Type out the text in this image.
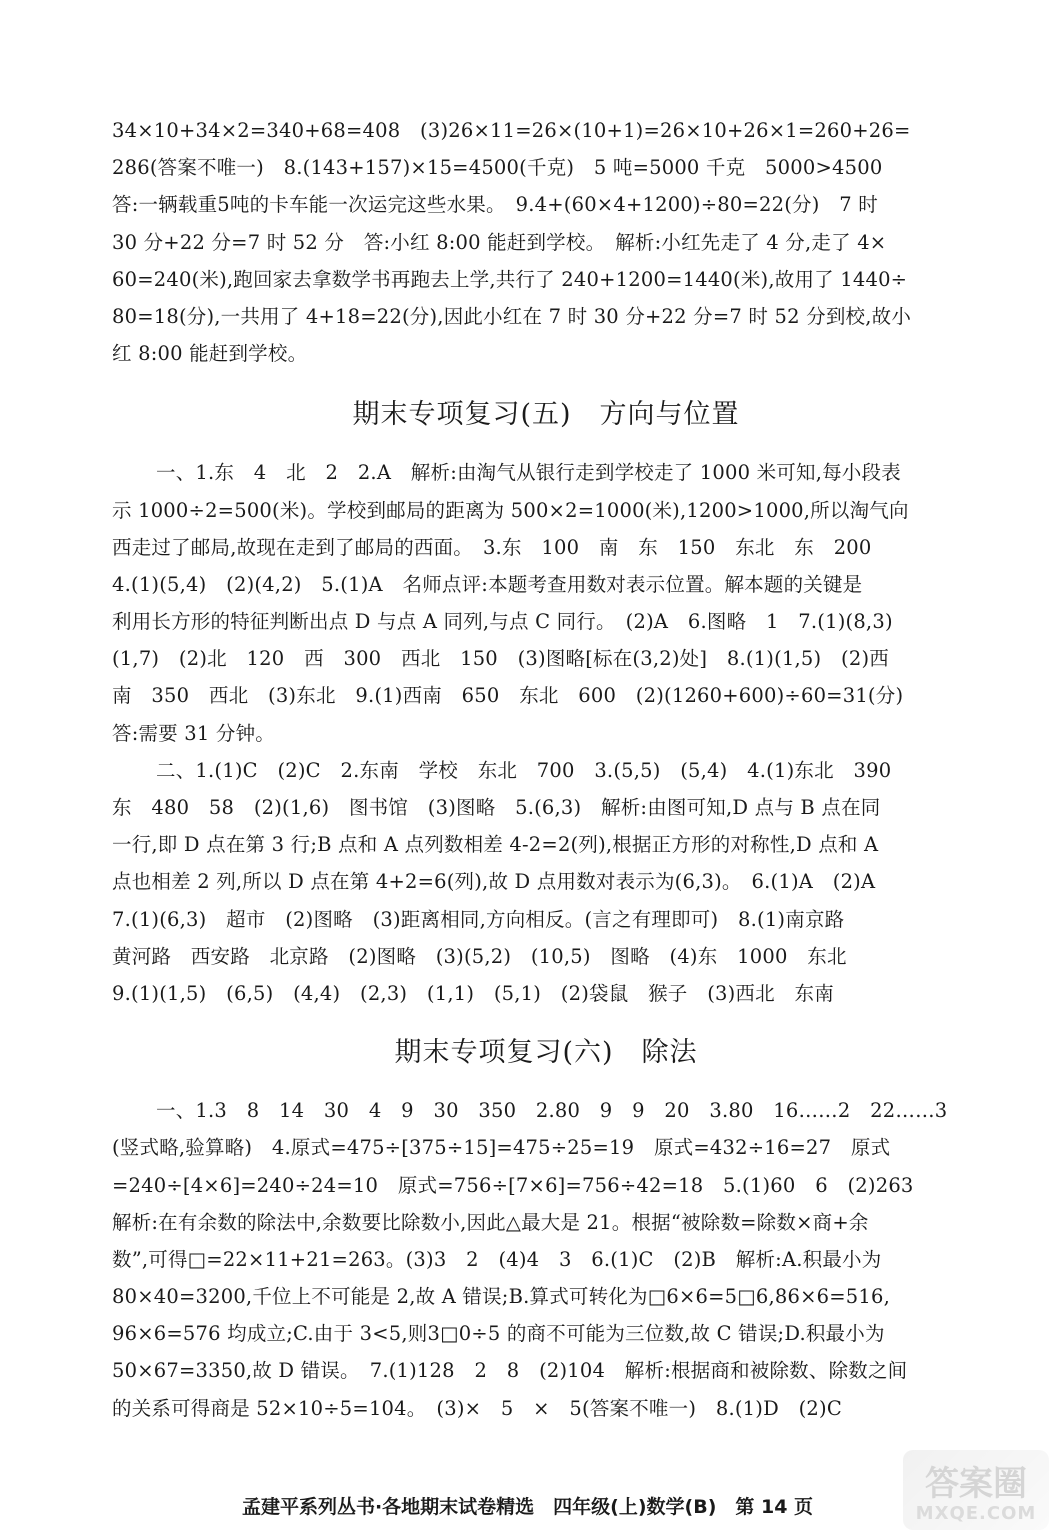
34×10+34×2=340+68=408　(3)26×11=26×(10+1)=26×10+26×1=260+26=
286(答案不唯一)　8.(143+157)×15=4500(千克)　5 吨=5000 千克　5000>4500
答:一辆载重5吨的卡车能一次运完这些水果。　9.4+(60×4+1200)÷80=22(分)　7 时
30 分+22 分=7 时 52 分　答:小红 8:00 能赶到学校。　解析:小红先走了 4 分,走了 4×
60=240(米),跑回家去拿数学书再跑去上学,共行了 240+1200=1440(米),故用了 1440÷
80=18(分),一共用了 4+18=22(分),因此小红在 7 时 30 分+22 分=7 时 52 分到校,故小
红 8:00 能赶到学校。
期末专项复习(五)　方向与位置
一、1.东　4　北　2　2.A　解析:由淘气从银行走到学校走了 1000 米可知,每小段表
示 1000÷2=500(米)。学校到邮局的距离为 500×2=1000(米),1200>1000,所以淘气向
西走过了邮局,故现在走到了邮局的西面。　3.东　100　南　东　150　东北　东　200
4.(1)(5,4)　(2)(4,2)　5.(1)A　名师点评:本题考查用数对表示位置。解本题的关键是
利用长方形的特征判断出点 D 与点 A 同列,与点 C 同行。　(2)A　6.图略　1　7.(1)(8,3)
(1,7)　(2)北　120　西　300　西北　150　(3)图略[标在(3,2)处]　8.(1)(1,5)　(2)西
南　350　西北　(3)东北　9.(1)西南　650　东北　600　(2)(1260+600)÷60=31(分)
答:需要 31 分钟。
二、1.(1)C　(2)C　2.东南　学校　东北　700　3.(5,5)　(5,4)　4.(1)东北　390
东　480　58　(2)(1,6)　图书馆　(3)图略　5.(6,3)　解析:由图可知,D 点与 B 点在同
一行,即 D 点在第 3 行;B 点和 A 点列数相差 4-2=2(列),根据正方形的对称性,D 点和 A
点也相差 2 列,所以 D 点在第 4+2=6(列),故 D 点用数对表示为(6,3)。　6.(1)A　(2)A
7.(1)(6,3)　超市　(2)图略　(3)距离相同,方向相反。(言之有理即可)　8.(1)南京路
黄河路　西安路　北京路　(2)图略　(3)(5,2)　(10,5)　图略　(4)东　1000　东北
9.(1)(1,5)　(6,5)　(4,4)　(2,3)　(1,1)　(5,1)　(2)袋鼠　猴子　(3)西北　东南
期末专项复习(六)　除法
一、1.3　8　14　30　4　9　30　350　2.80　9　9　20　3.80　16……2　22……3
(竖式略,验算略)　4.原式=475÷[375÷15]=475÷25=19　原式=432÷16=27　原式
=240÷[4×6]=240÷24=10　原式=756÷[7×6]=756÷42=18　5.(1)60　6　(2)263
解析:在有余数的除法中,余数要比除数小,因此△最大是 21。根据“被除数=除数×商+余
数”,可得□=22×11+21=263。(3)3　2　(4)4　3　6.(1)C　(2)B　解析:A.积最小为
80×40=3200,千位上不可能是 2,故 A 错误;B.算式可转化为□6×6=5□6,86×6=516,
96×6=576 均成立;C.由于 3<5,则3□0÷5 的商不可能为三位数,故 C 错误;D.积最小为
50×67=3350,故 D 错误。　7.(1)128　2　8　(2)104　解析:根据商和被除数、除数之间
的关系可得商是 52×10÷5=104。　(3)×　5　×　5(答案不唯一)　8.(1)D　(2)C
孟建平系列丛书·各地期末试卷精选　四年级(上)数学(B)　第 14 页
答案圈
MXQE.COM
